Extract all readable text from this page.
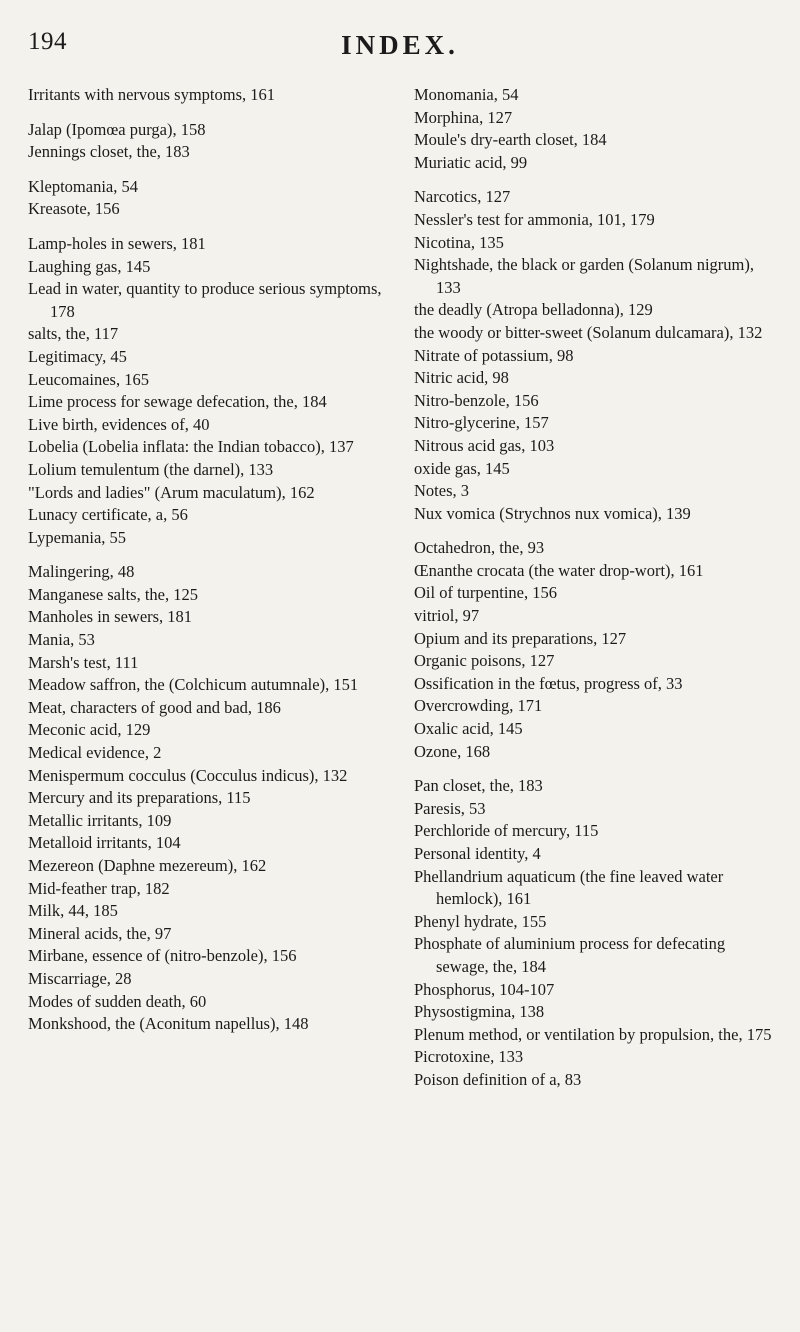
194	INDEX.

Irritants with nervous symptoms, 161

Jalap (Ipomœa purga), 158

Jennings closet, the, 183

Kleptomania, 54

Kreasote, 156

Lamp-holes in sewers, 181

Laughing gas, 145

Lead in water, quantity to produce serious symptoms, 178

salts, the, 117

Legitimacy, 45

Leucomaines, 165

Lime process for sewage defecation, the, 184

Live birth, evidences of, 40

Lobelia (Lobelia inflata: the Indian tobacco), 137

Lolium temulentum (the darnel), 133

"Lords and ladies" (Arum maculatum), 162

Lunacy certificate, a, 56

Lypemania, 55

Malingering, 48

Manganese salts, the, 125

Manholes in sewers, 181

Mania, 53

Marsh's test, 111

Meadow saffron, the (Colchicum autumnale), 151

Meat, characters of good and bad, 186

Meconic acid, 129

Medical evidence, 2

Menispermum cocculus (Cocculus indicus), 132

Mercury and its preparations, 115

Metallic irritants, 109

Metalloid irritants, 104

Mezereon (Daphne mezereum), 162

Mid-feather trap, 182

Milk, 44, 185

Mineral acids, the, 97

Mirbane, essence of (nitro-benzole), 156

Miscarriage, 28

Modes of sudden death, 60

Monkshood, the (Aconitum napellus), 148

Monomania, 54

Morphina, 127

Moule's dry-earth closet, 184

Muriatic acid, 99

Narcotics, 127

Nessler's test for ammonia, 101, 179

Nicotina, 135

Nightshade, the black or garden (Solanum nigrum), 133

the deadly (Atropa belladonna), 129

the woody or bitter-sweet (Solanum dulcamara), 132

Nitrate of potassium, 98

Nitric acid, 98

Nitro-benzole, 156

Nitro-glycerine, 157

Nitrous acid gas, 103

oxide gas, 145

Notes, 3

Nux vomica (Strychnos nux vomica), 139

Octahedron, the, 93

Œnanthe crocata (the water drop-wort), 161

Oil of turpentine, 156

vitriol, 97

Opium and its preparations, 127

Organic poisons, 127

Ossification in the fœtus, progress of, 33

Overcrowding, 171

Oxalic acid, 145

Ozone, 168

Pan closet, the, 183

Paresis, 53

Perchloride of mercury, 115

Personal identity, 4

Phellandrium aquaticum (the fine leaved water hemlock), 161

Phenyl hydrate, 155

Phosphate of aluminium process for defecating sewage, the, 184

Phosphorus, 104-107

Physostigmina, 138

Plenum method, or ventilation by propulsion, the, 175

Picrotoxine, 133

Poison definition of a, 83
